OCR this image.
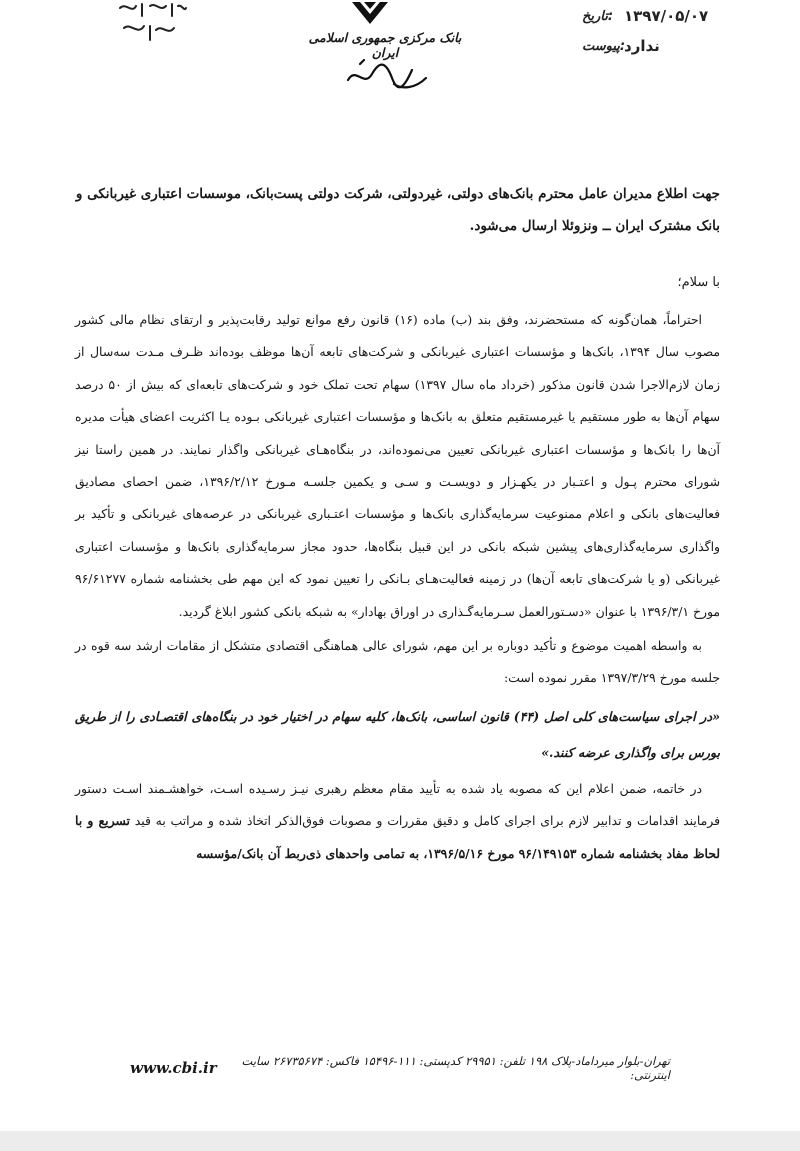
تاریخ: ۱۳۹۷/۰۵/۰۷
پیوست:
ندارد
بانک مرکزی جمهوری اسلامی ایران

جهت اطلاع مدیران عامل محترم بانک‌های دولتی، غیردولتی، شرکت دولتی پست‌بانک، موسسات اعتباری غیربانکی و

بانک مشترک ایران ــ ونزوئلا ارسال می‌شود.

با سلام؛

احتراماً، همان‌گونه که مستحضرند، وفق بند (ب) ماده (۱۶) قانون رفع موانع تولید رقابت‌پذیر و ارتقای نظام مالی کشور مصوب سال ۱۳۹۴، بانک‌ها و مؤسسات اعتباری غیربانکی و شرکت‌های تابعه آن‌ها موظف بوده‌اند ظـرف مـدت سه‌سال از زمان لازم‌الاجرا شدن قانون مذکور (خرداد ماه سال ۱۳۹۷) سهام تحت تملک خود و شرکت‌های تابعه‌ای که بیش از ۵۰ درصد سهام آن‌ها به طور مستقیم یا غیرمستقیم متعلق به بانک‌ها و مؤسسات اعتباری غیربانکی بـوده یـا اکثریت اعضای هیأت مدیره آن‌ها را بانک‌ها و مؤسسات اعتباری غیربانکی تعیین می‌نموده‌اند، در بنگاه‌هـای غیربانکی واگذار نمایند. در همین راستا نیز شورای محترم پـول و اعتـبار در یکهـزار و دویسـت و سـی و یکمین جلسـه مـورخ ۱۳۹۶/۲/۱۲، ضمن احصای مصادیق فعالیت‌های بانکی و اعلام ممنوعیت سرمایه‌گذاری بانک‌ها و مؤسسات اعتـباری غیربانکی در عرصه‌های غیربانکی و تأکید بر واگذاری سرمایه‌گذاری‌های پیشین شبکه بانکی در این قبیل بنگاه‌ها، حدود مجاز سرمایه‌گذاری بانک‌ها و مؤسسات اعتباری غیربانکی (و یا شرکت‌های تابعه آن‌ها) در زمینه فعالیت‌هـای بـانکی را تعیین نمود که این مهم طی بخشنامه شماره ۹۶/۶۱۲۷۷ مورخ ۱۳۹۶/۳/۱ با عنوان «دسـتورالعمل سـرمایه‌گـذاری در اوراق بهادار» به شبکه بانکی کشور ابلاغ گردید.

به واسطه اهمیت موضوع و تأکید دوباره بر این مهم، شورای عالی هماهنگی اقتصادی متشکل از مقامات ارشد سه قوه در جلسه مورخ ۱۳۹۷/۳/۲۹ مقرر نموده است:

«در اجرای سیاست‌های کلی اصل (۴۴) قانون اساسی، بانک‌ها، کلیه سهام در اختیار خود در بنگاه‌های اقتصـادی را از طریق بورس برای واگذاری عرضه کنند.»

در خاتمه، ضمن اعلام این که مصوبه یاد شده به تأیید مقام معظم رهبری نیـز رسـیده اسـت، خواهشـمند اسـت دستور فرمایند اقدامات و تدابیر لازم برای اجرای کامل و دقیق مقررات و مصوبات فوق‌الذکر اتخاذ شده و مراتب به قید تسریع و با لحاظ مفاد بخشنامه شماره ۹۶/۱۴۹۱۵۳ مورخ ۱۳۹۶/۵/۱۶، به تمامی واحدهای ذی‌ربط آن بانک/مؤسسه

www.cbi.ir	تهران-بلوار میرداماد-پلاک ۱۹۸ تلفن: ۲۹۹۵۱ کدپستی: ۱۱۱-۱۵۴۹۶ فاکس: ۲۶۷۳۵۶۷۴ سایت اینترنتی:
